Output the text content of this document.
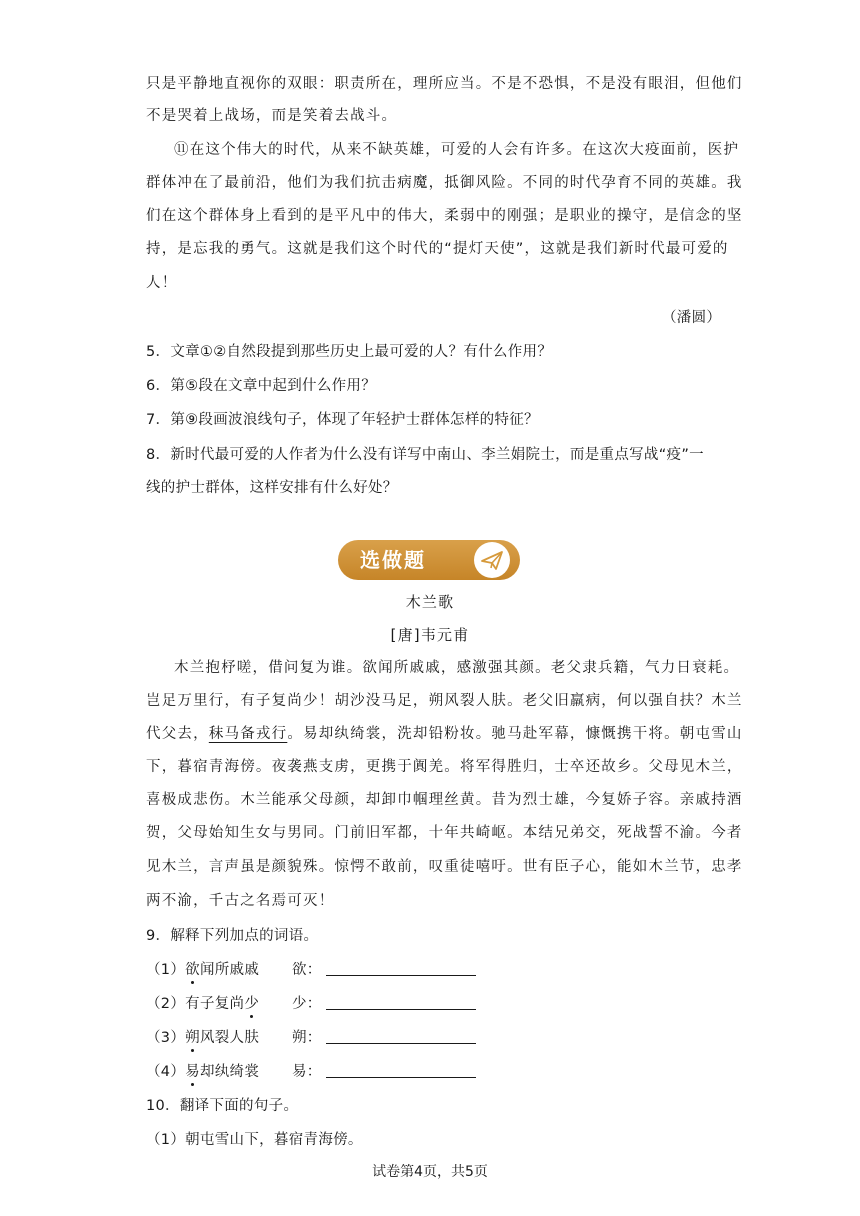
只是平静地直视你的双眼：职责所在，理所应当。不是不恐惧，不是没有眼泪，但他们
不是哭着上战场，而是笑着去战斗。
⑪在这个伟大的时代，从来不缺英雄，可爱的人会有许多。在这次大疫面前，医护
群体冲在了最前沿，他们为我们抗击病魔，抵御风险。不同的时代孕育不同的英雄。我
们在这个群体身上看到的是平凡中的伟大，柔弱中的刚强；是职业的操守，是信念的坚
持，是忘我的勇气。这就是我们这个时代的“提灯天使”，这就是我们新时代最可爱的
人！
（潘圆）
5．文章①②自然段提到那些历史上最可爱的人？有什么作用？
6．第⑤段在文章中起到什么作用？
7．第⑨段画波浪线句子，体现了年轻护士群体怎样的特征？
8．新时代最可爱的人作者为什么没有详写中南山、李兰娟院士，而是重点写战“疫”一
线的护士群体，这样安排有什么好处？
选做题
木兰歌
[唐]韦元甫
木兰抱杼嗟，借问复为谁。欲闻所戚戚，感激强其颜。老父隶兵籍，气力日衰耗。
岂足万里行，有子复尚少！胡沙没马足，朔风裂人肤。老父旧羸病，何以强自扶？木兰
代父去，秣马备戎行。易却纨绮裳，洗却铅粉妆。驰马赴军幕，慷慨携干将。朝屯雪山
下，暮宿青海傍。夜袭燕支虏，更携于阗羌。将军得胜归，士卒还故乡。父母见木兰，
喜极成悲伤。木兰能承父母颜，却卸巾帼理丝黄。昔为烈士雄，今复娇子容。亲戚持酒
贺，父母始知生女与男同。门前旧军都，十年共崎岖。本结兄弟交，死战誓不渝。今者
见木兰，言声虽是颜貌殊。惊愕不敢前，叹重徒嘻吁。世有臣子心，能如木兰节，忠孝
两不渝，千古之名焉可灭！
9．解释下列加点的词语。
（1）欲闻所戚戚 欲：
（2）有子复尚少 少：
（3）朔风裂人肤 朔：
（4）易却纨绮裳 易：
10．翻译下面的句子。
（1）朝屯雪山下，暮宿青海傍。
试卷第4页，共5页
